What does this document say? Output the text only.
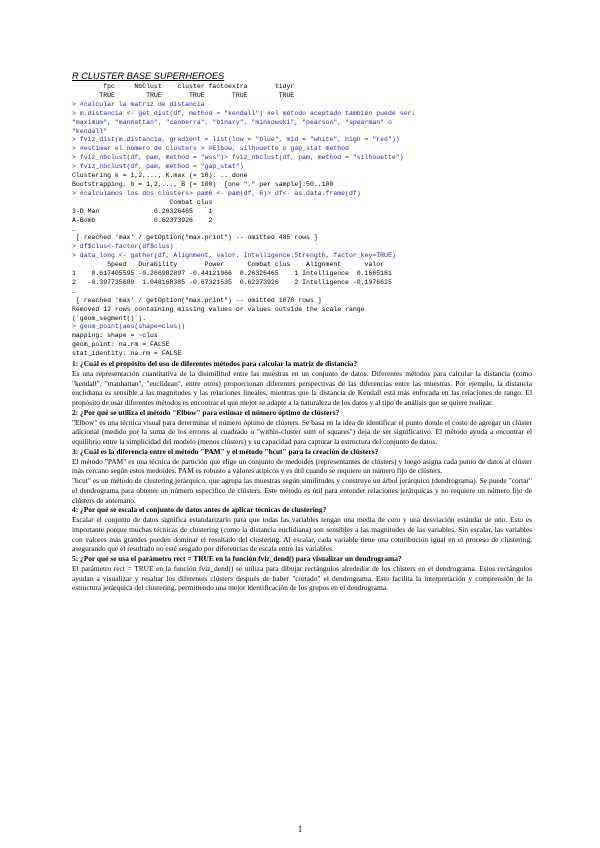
R CLUSTER BASE SUPERHEROES
fpc     NbClust    cluster factoextra       tidyr
TRUE        TRUE       TRUE       TRUE        TRUE
> #calcular la matriz de distancia
> m.distancia <- get_dist(df, method = "kendall") #el método aceptado también puede ser:
"maximum", "manhattan", "canberra", "binary", "minkowski", "pearson", "spearman" o
"kendall"
> fviz_dist(m.distancia, gradient = list(low = "blue", mid = "white", high = "red"))
> #estimar el número de clústers > #Elbow, silhouette o gap_stat method
> fviz_nbclust(df, pam, method = "wss")> fviz_nbclust(df, pam, method = "silhouette")
> fviz_nbclust(df, pam, method = "gap_stat")
Clustering k = 1,2,..., K.max (= 10): .. done
Bootstrapping, b = 1,2,..., B (= 100)  [one "." per sample]:50..100
> #calculamos los dos clústers> pam6 <- pam(df, 6)> df<- as.data.frame(df)
Combat clus
3-D Man              0.26326465    1
A-Bomb               0.62373926    2
…
[ reached 'max' / getOption("max.print") -- omitted 485 rows ]
> df$clus<-factor(df$clus)
> data_long <- gather(df, Alignment, valor, Intelligence:Strength, factor_key=TRUE)
Speed   Durability       Power      Combat clus    Alignment      valor
1    0.617405595 -0.266982897 -0.44121966  0.26326465    1 Intelligence  0.1665181
2   -0.397735680  1.048168385 -0.67321535  0.62373926    2 Intelligence -0.1976625
…
[ reached 'max' / getOption("max.print") -- omitted 1078 rows ]
Removed 12 rows containing missing values or values outside the scale range
(`geom_segment()`).
> geom_point(aes(shape=clus))
mapping: shape = ~clus
geom_point: na.rm = FALSE
stat_identity: na.rm = FALSE

1: ¿Cuál es el propósito del uso de diferentes métodos para calcular la matriz de distancia?

Es una representación cuantitativa de la disimilitud entre las muestras en un conjunto de datos. Diferentes métodos para calcular la distancia (como "kendall", "manhattan", "euclidean", entre otros) proporcionan diferentes perspectivas de las diferencias entre las muestras. Por ejemplo, la distancia euclidiana es sensible a las magnitudes y las relaciones lineales, mientras que la distancia de Kendall está más enfocada en las relaciones de rango. El propósito de usar diferentes métodos es encontrar el que mejor se adapte a la naturaleza de los datos y al tipo de análisis que se quiere realizar.

2: ¿Por qué se utiliza el método "Elbow" para estimar el número óptimo de clústers?

"Elbow" es una técnica visual para determinar el número óptimo de clústers. Se basa en la idea de identificar el punto donde el costo de agregar un clúster adicional (medido por la suma de los errores al cuadrado o "within-cluster sum of squares") deja de ser significativo. El método ayuda a encontrar el equilibrio entre la simplicidad del modelo (menos clústers) y su capacidad para capturar la estructura del conjunto de datos.

3: ¿Cuál es la diferencia entre el método "PAM" y el método "hcut" para la creación de clústers?

El método "PAM" es una técnica de partición que elige un conjunto de medoides (representantes de clústers) y luego asigna cada punto de datos al clúster más cercano según estos medoides. PAM es robusto a valores atípicos y es útil cuando se requiere un número fijo de clústers.

"hcut" es un método de clustering jerárquico, que agrupa las muestras según similitudes y construye un árbol jerárquico (dendrograma). Se puede "cortar" el dendrograma para obtener un número específico de clústers. Este método es útil para entender relaciones jerárquicas y no requiere un número fijo de clústers de antemano.

4: ¿Por qué se escala el conjunto de datos antes de aplicar técnicas de clustering?

Escalar el conjunto de datos significa estandarizarlo para que todas las variables tengan una media de cero y una desviación estándar de uno. Esto es importante porque muchas técnicas de clustering (como la distancia euclidiana) son sensibles a las magnitudes de las variables. Sin escalar, las variables con valores más grandes pueden dominar el resultado del clustering. Al escalar, cada variable tiene una contribución igual en el proceso de clustering, asegurando que el resultado no esté sesgado por diferencias de escala entre las variables.

5: ¿Por qué se usa el parámetro rect = TRUE en la función fviz_dend() para visualizar un dendrograma?

El parámetro rect = TRUE en la función fviz_dend() se utiliza para dibujar rectángulos alrededor de los clústers en el dendrograma. Estos rectángulos ayudan a visualizar y resaltar los diferentes clústers después de haber "cortado" el dendrograma. Esto facilita la interpretación y comprensión de la estructura jerárquica del clustering, permitiendo una mejor identificación de los grupos en el dendrograma.

1
